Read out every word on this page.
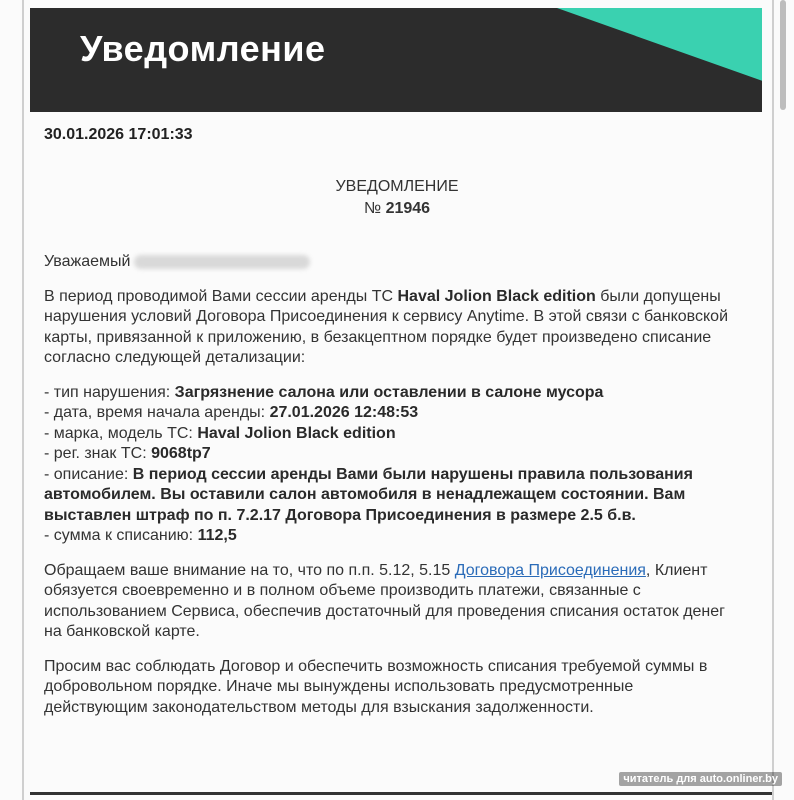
Уведомление
30.01.2026 17:01:33
УВЕДОМЛЕНИЕ
№ 21946
Уважаемый
В период проводимой Вами сессии аренды ТС Haval Jolion Black edition были допущены нарушения условий Договора Присоединения к сервису Anytime. В этой связи с банковской карты, привязанной к приложению, в безакцептном порядке будет произведено списание согласно следующей детализации:
- тип нарушения: Загрязнение салона или оставлении в салоне мусора
- дата, время начала аренды: 27.01.2026 12:48:53
- марка, модель ТС: Haval Jolion Black edition
- рег. знак ТС: 9068tp7
- описание: В период сессии аренды Вами были нарушены правила пользования автомобилем. Вы оставили салон автомобиля в ненадлежащем состоянии. Вам выставлен штраф по п. 7.2.17 Договора Присоединения в размере 2.5 б.в.
- сумма к списанию: 112,5
Обращаем ваше внимание на то, что по п.п. 5.12, 5.15 Договора Присоединения, Клиент обязуется своевременно и в полном объеме производить платежи, связанные с использованием Сервиса, обеспечив достаточный для проведения списания остаток денег на банковской карте.
Просим вас соблюдать Договор и обеспечить возможность списания требуемой суммы в добровольном порядке. Иначе мы вынуждены использовать предусмотренные действующим законодательством методы для взыскания задолженности.
читатель для auto.onliner.by
